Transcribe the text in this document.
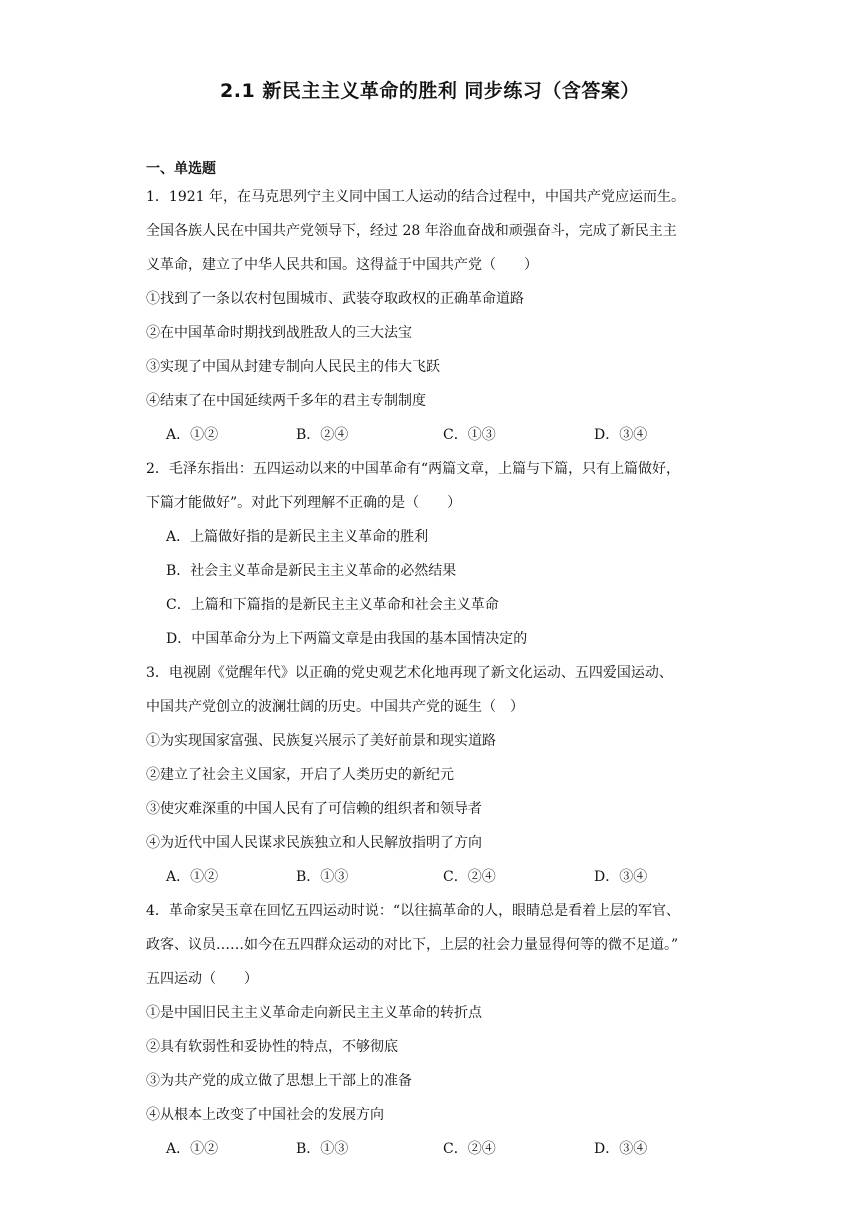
2.1 新民主主义革命的胜利 同步练习（含答案）
一、单选题
1．1921 年，在马克思列宁主义同中国工人运动的结合过程中，中国共产党应运而生。
全国各族人民在中国共产党领导下，经过 28 年浴血奋战和顽强奋斗，完成了新民主主
义革命，建立了中华人民共和国。这得益于中国共产党（　　）
①找到了一条以农村包围城市、武装夺取政权的正确革命道路
②在中国革命时期找到战胜敌人的三大法宝
③实现了中国从封建专制向人民民主的伟大飞跃
④结束了在中国延续两千多年的君主专制制度
A．①②	B．②④	C．①③	D．③④
2．毛泽东指出：五四运动以来的中国革命有“两篇文章，上篇与下篇，只有上篇做好，
下篇才能做好”。对此下列理解不正确的是（　　）
A．上篇做好指的是新民主主义革命的胜利
B．社会主义革命是新民主主义革命的必然结果
C．上篇和下篇指的是新民主主义革命和社会主义革命
D．中国革命分为上下两篇文章是由我国的基本国情决定的
3．电视剧《觉醒年代》以正确的党史观艺术化地再现了新文化运动、五四爱国运动、
中国共产党创立的波澜壮阔的历史。中国共产党的诞生（　）
①为实现国家富强、民族复兴展示了美好前景和现实道路
②建立了社会主义国家，开启了人类历史的新纪元
③使灾难深重的中国人民有了可信赖的组织者和领导者
④为近代中国人民谋求民族独立和人民解放指明了方向
A．①②	B．①③	C．②④	D．③④
4．革命家吴玉章在回忆五四运动时说：“以往搞革命的人，眼睛总是看着上层的军官、
政客、议员……如今在五四群众运动的对比下，上层的社会力量显得何等的微不足道。”
五四运动（　　）
①是中国旧民主主义革命走向新民主主义革命的转折点
②具有软弱性和妥协性的特点，不够彻底
③为共产党的成立做了思想上干部上的准备
④从根本上改变了中国社会的发展方向
A．①②	B．①③	C．②④	D．③④
